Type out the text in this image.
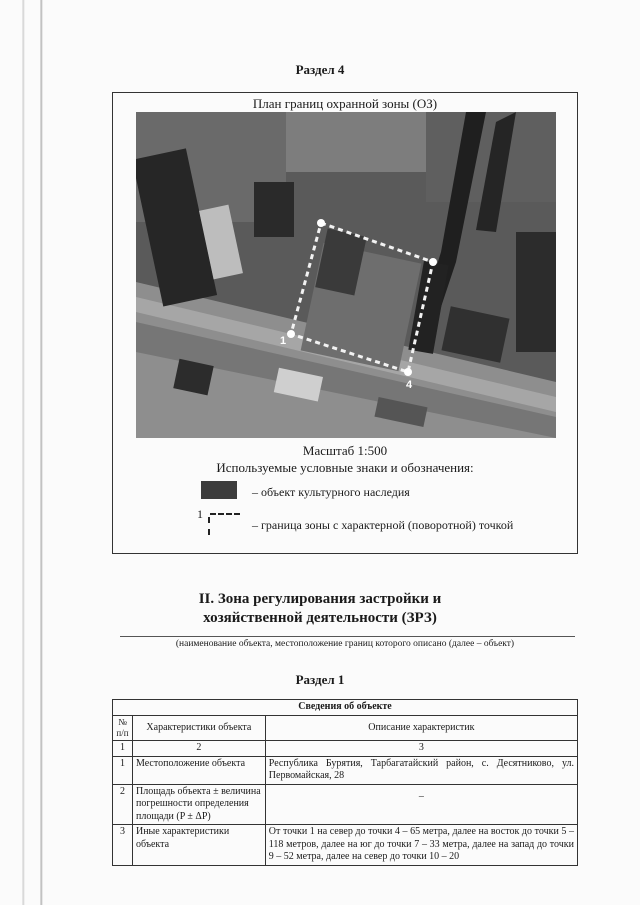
Раздел 4
План границ охранной зоны (ОЗ)
1
4
Масштаб 1:500
Используемые условные знаки и обозначения:
– объект культурного наследия
1
– граница зоны с характерной (поворотной) точкой
II. Зона регулирования застройки и
хозяйственной деятельности (ЗРЗ)
(наименование объекта, местоположение границ которого описано (далее – объект)
Раздел 1
Сведения об объекте		
№ п/п	Характеристики объекта	Описание характеристик
1	2	3
1	Местоположение объекта	Республика Бурятия, Тарбагатайский район, с. Десятниково, ул. Первомайская, 28
2	Площадь объекта ± величина погрешности определения площади (P ± ΔP)	–
3	Иные характеристики объекта	От точки 1 на север до точки 4 – 65 метра, далее на восток до точки 5 – 118 метров, далее на юг до точки 7 – 33 метра, далее на запад до точки 9 – 52 метра, далее на север до точки 10 – 20
